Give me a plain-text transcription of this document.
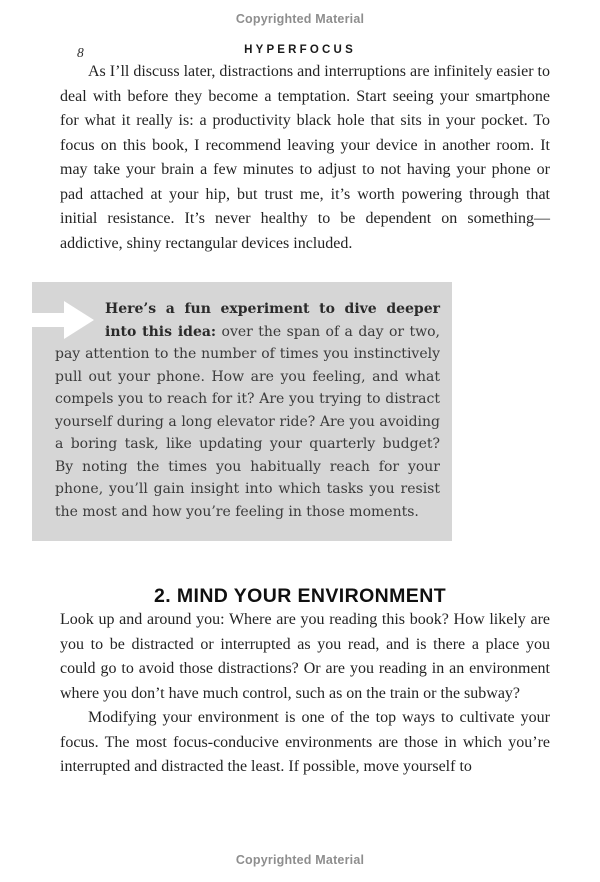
Copyrighted Material
8	HYPERFOCUS

As I’ll discuss later, distractions and interruptions are infinitely easier to deal with before they become a temptation. Start seeing your smartphone for what it really is: a productivity black hole that sits in your pocket. To focus on this book, I recommend leaving your device in another room. It may take your brain a few minutes to adjust to not having your phone or pad attached at your hip, but trust me, it’s worth powering through that initial resistance. It’s never healthy to be dependent on something—addictive, shiny rectangular devices included.

Here’s a fun experiment to dive deeper into this idea: over the span of a day or two, pay attention to the number of times you instinctively pull out your phone. How are you feeling, and what compels you to reach for it? Are you trying to distract yourself during a long elevator ride? Are you avoiding a boring task, like updating your quarterly budget? By noting the times you habitually reach for your phone, you’ll gain insight into which tasks you resist the most and how you’re feeling in those moments.
2. MIND YOUR ENVIRONMENT

Look up and around you: Where are you reading this book? How likely are you to be distracted or interrupted as you read, and is there a place you could go to avoid those distractions? Or are you reading in an environment where you don’t have much control, such as on the train or the subway?

Modifying your environment is one of the top ways to cultivate your focus. The most focus-conducive environments are those in which you’re interrupted and distracted the least. If possible, move yourself to

Copyrighted Material
